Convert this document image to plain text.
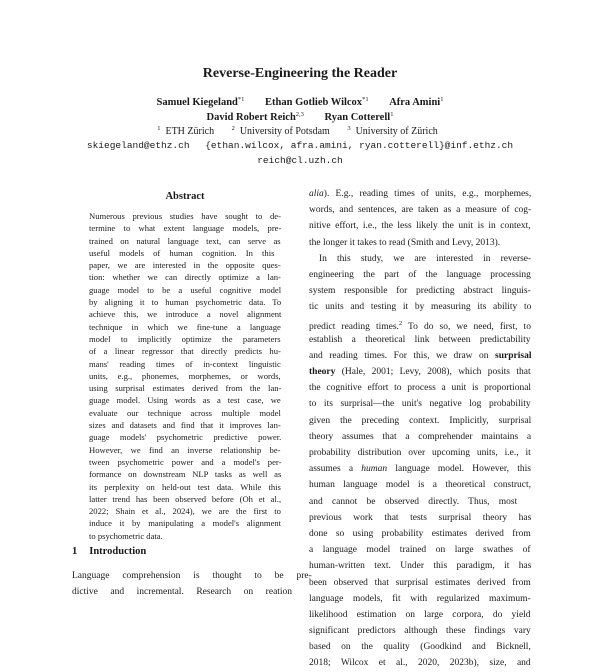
Reverse-Engineering the Reader
Samuel Kiegeland$^{*1}$ Ethan Gotlieb Wilcox$^{*1}$ Afra Amini$^1$
David Robert Reich$^{2,3}$ Ryan Cotterell$^1$
$^1$ ETH Zürich	$^2$ University of Potsdam	$^3$ University of Zürich
skiegeland@ethz.ch {ethan.wilcox, afra.amini, ryan.cotterell}@inf.ethz.ch
reich@cl.uzh.ch
Abstract
Numerous previous studies have sought to de-
termine to what extent language models, pre-
trained on natural language text, can serve as
useful models of human cognition. In this
paper, we are interested in the opposite ques-
tion: whether we can directly optimize a lan-
guage model to be a useful cognitive model
by aligning it to human psychometric data. To
achieve this, we introduce a novel alignment
technique in which we fine-tune a language
model to implicitly optimize the parameters
of a linear regressor that directly predicts hu-
mans' reading times of in-context linguistic
units, e.g., phonemes, morphemes, or words,
using surprisal estimates derived from the lan-
guage model. Using words as a test case, we
evaluate our technique across multiple model
sizes and datasets and find that it improves lan-
guage models' psychometric predictive power.
However, we find an inverse relationship be-
tween psychometric power and a model's per-
formance on downstream NLP tasks as well as
its perplexity on held-out test data. While this
latter trend has been observed before (Oh et al.,
2022; Shain et al., 2024), we are the first to
induce it by manipulating a model's alignment
to psychometric data.
1 Introduction
Language comprehension is thought to be pre-
dictive and incremental. Research on reation
alia). E.g., reading times of units, e.g., morphemes,
words, and sentences, are taken as a measure of cog-
nitive effort, i.e., the less likely the unit is in context,
the longer it takes to read (Smith and Levy, 2013).
In this study, we are interested in reverse-
engineering the part of the language processing
system responsible for predicting abstract linguis-
tic units and testing it by measuring its ability to
predict reading times.$^2$ To do so, we need, first, to
establish a theoretical link between predictability
and reading times. For this, we draw on surprisal
theory (Hale, 2001; Levy, 2008), which posits that
the cognitive effort to process a unit is proportional
to its surprisal—the unit's negative log probability
given the preceding context. Implicitly, surprisal
theory assumes that a comprehender maintains a
probability distribution over upcoming units, i.e., it
assumes a human language model. However, this
human language model is a theoretical construct,
and cannot be observed directly. Thus, most
previous work that tests surprisal theory has
done so using probability estimates derived from
a language model trained on large swathes of
human-written text. Under this paradigm, it has
been observed that surprisal estimates derived from
language models, fit with regularized maximum-
likelihood estimation on large corpora, do yield
significant predictors although these findings vary
based on the quality (Goodkind and Bicknell,
2018; Wilcox et al., 2020, 2023b), size, and
